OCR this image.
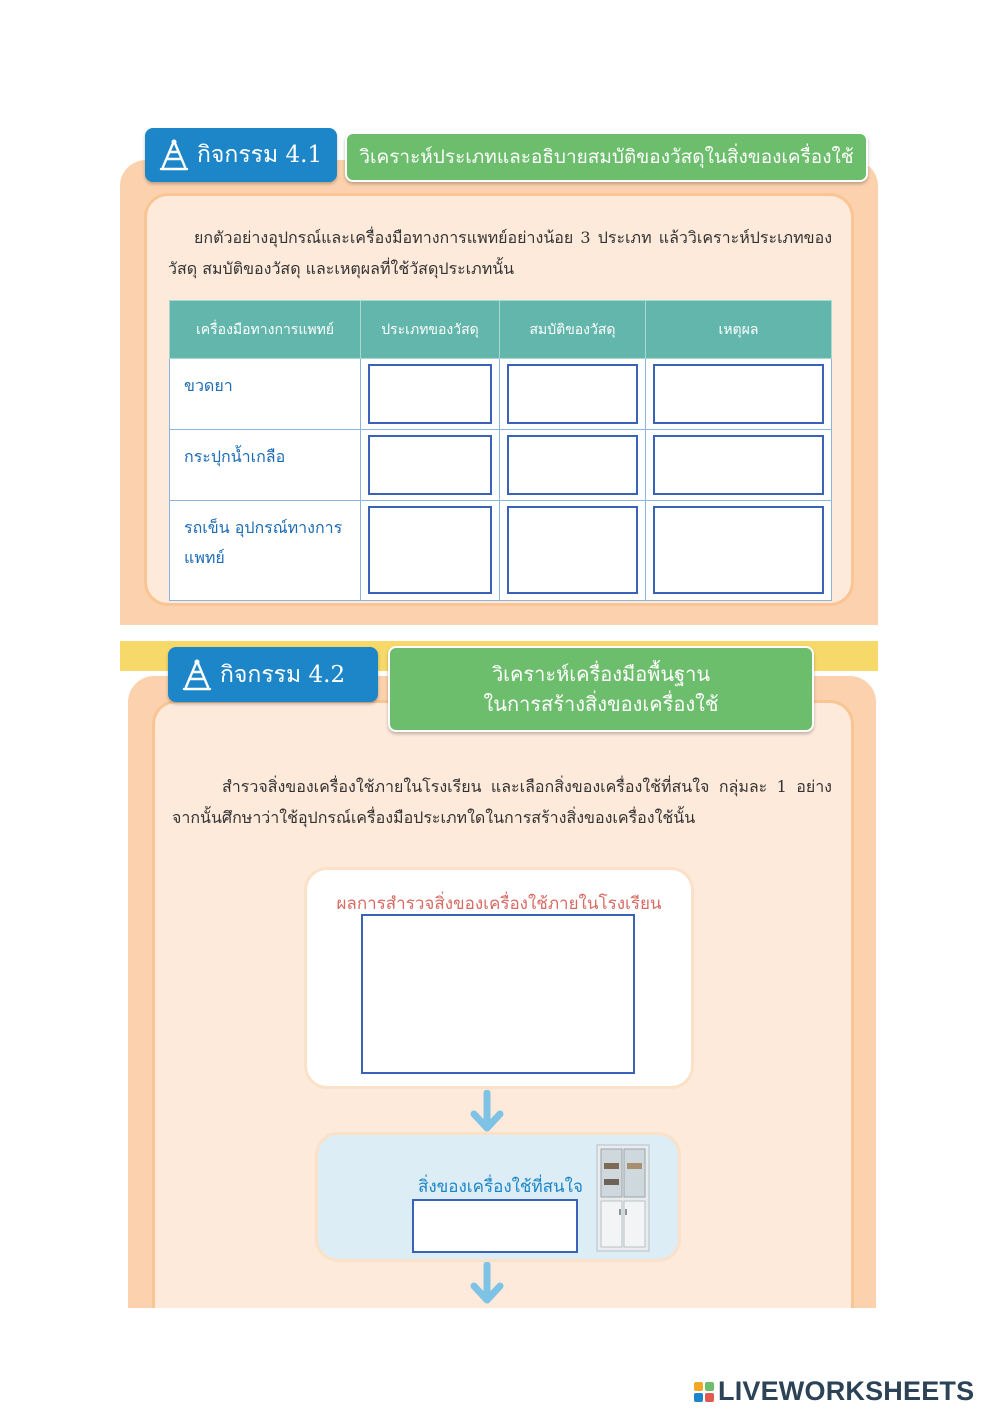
กิจกรรม 4.1	วิเคราะห์ประเภทและอธิบายสมบัติของวัสดุในสิ่งของเครื่องใช้
ยกตัวอย่างอุปกรณ์และเครื่องมือทางการแพทย์อย่างน้อย 3 ประเภท แล้ววิเคราะห์ประเภทของวัสดุ สมบัติของวัสดุ และเหตุผลที่ใช้วัสดุประเภทนั้น
เครื่องมือทางการแพทย์	ประเภทของวัสดุ	สมบัติของวัสดุ	เหตุผล
ขวดยา	

กระปุกน้ำเกลือ	

รถเข็น อุปกรณ์ทางการแพทย์	

กิจกรรม 4.2	วิเคราะห์เครื่องมือพื้นฐาน
ในการสร้างสิ่งของเครื่องใช้
สำรวจสิ่งของเครื่องใช้ภายในโรงเรียน และเลือกสิ่งของเครื่องใช้ที่สนใจ กลุ่มละ 1 อย่าง จากนั้นศึกษาว่าใช้อุปกรณ์เครื่องมือประเภทใดในการสร้างสิ่งของเครื่องใช้นั้น
ผลการสำรวจสิ่งของเครื่องใช้ภายในโรงเรียน
สิ่งของเครื่องใช้ที่สนใจ
LIVEWORKSHEETS
